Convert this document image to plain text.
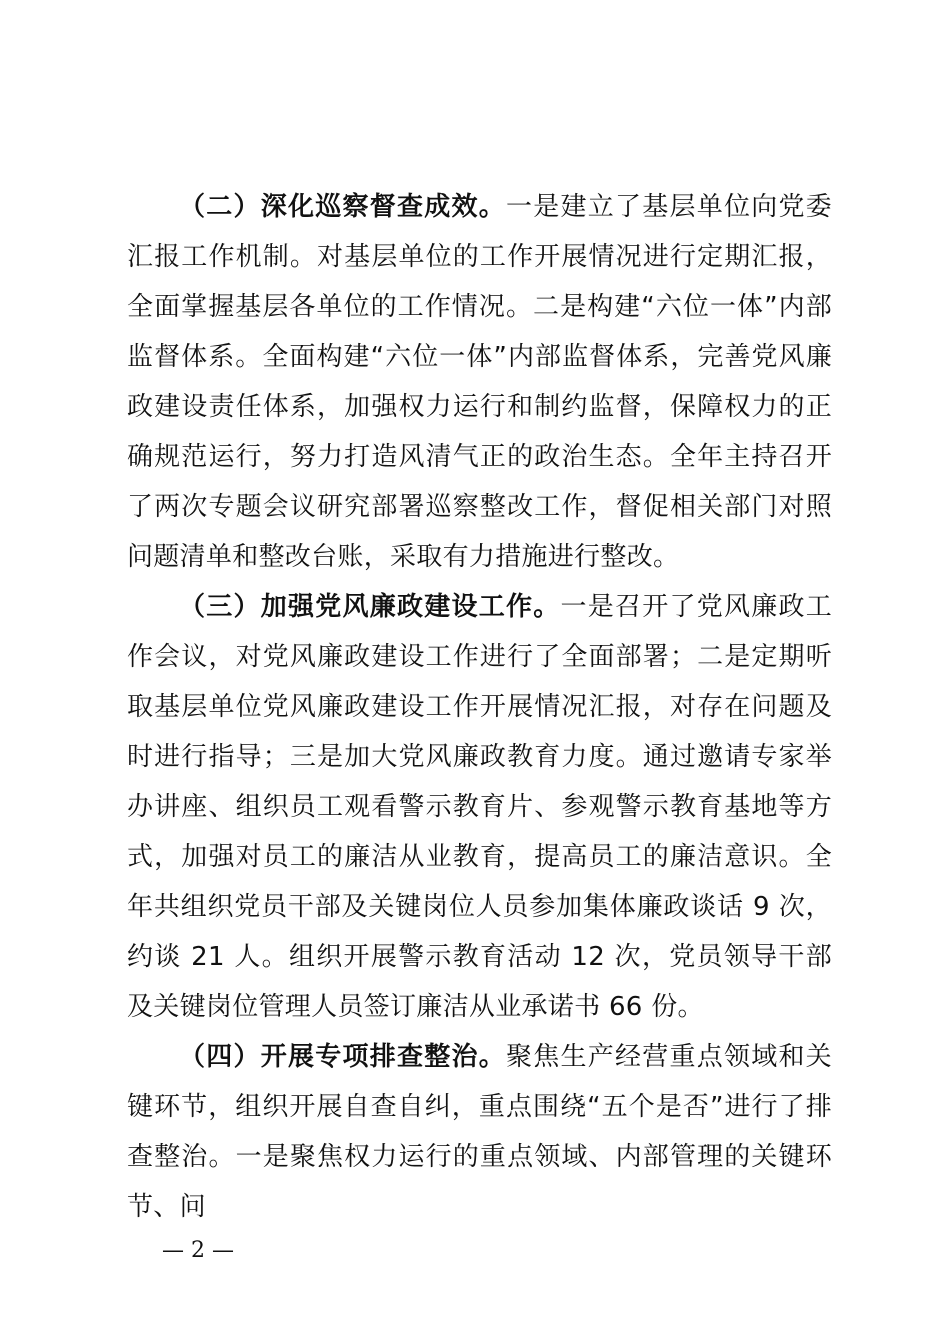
（二）深化巡察督查成效。一是建立了基层单位向党委汇报工作机制。对基层单位的工作开展情况进行定期汇报，全面掌握基层各单位的工作情况。二是构建“六位一体”内部监督体系。全面构建“六位一体”内部监督体系，完善党风廉政建设责任体系，加强权力运行和制约监督，保障权力的正确规范运行，努力打造风清气正的政治生态。全年主持召开了两次专题会议研究部署巡察整改工作，督促相关部门对照问题清单和整改台账，采取有力措施进行整改。

（三）加强党风廉政建设工作。一是召开了党风廉政工作会议，对党风廉政建设工作进行了全面部署；二是定期听取基层单位党风廉政建设工作开展情况汇报，对存在问题及时进行指导；三是加大党风廉政教育力度。通过邀请专家举办讲座、组织员工观看警示教育片、参观警示教育基地等方式，加强对员工的廉洁从业教育，提高员工的廉洁意识。全年共组织党员干部及关键岗位人员参加集体廉政谈话 9 次，约谈 21 人。组织开展警示教育活动 12 次，党员领导干部及关键岗位管理人员签订廉洁从业承诺书 66 份。

（四）开展专项排查整治。聚焦生产经营重点领域和关键环节，组织开展自查自纠，重点围绕“五个是否”进行了排查整治。一是聚焦权力运行的重点领域、内部管理的关键环节、问

— 2 —
